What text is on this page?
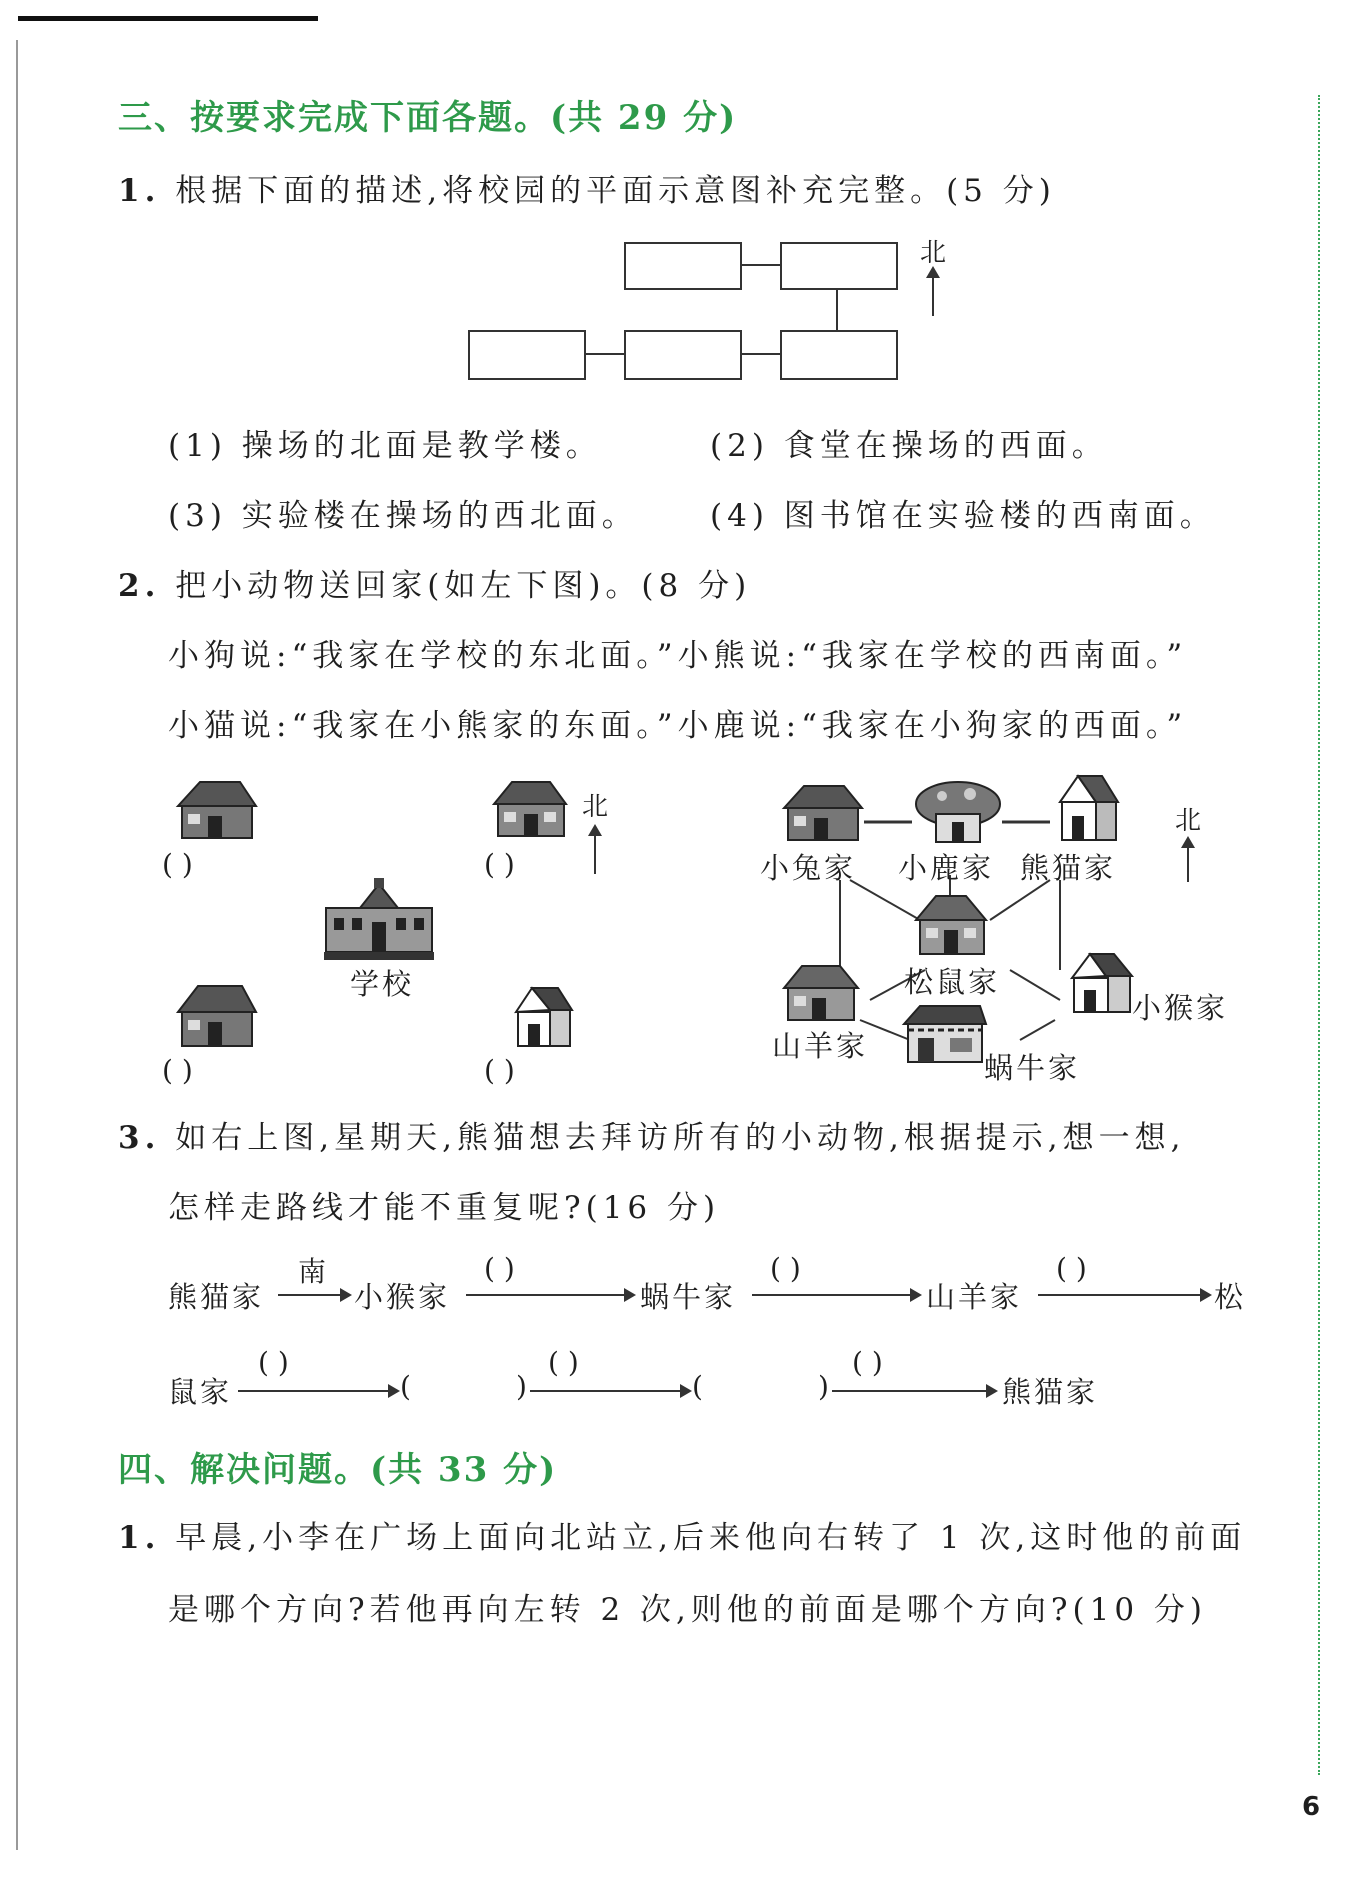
三、按要求完成下面各题。(共 29 分)
1. 根据下面的描述,将校园的平面示意图补充完整。(5 分)
北
(1) 操场的北面是教学楼。	(2) 食堂在操场的西面。
(3) 实验楼在操场的西北面。 (4) 图书馆在实验楼的西南面。
2. 把小动物送回家(如左下图)。(8 分)
小狗说:“我家在学校的东北面。”小熊说:“我家在学校的西南面。”
小猫说:“我家在小熊家的东面。”小鹿说:“我家在小狗家的西面。”
( )	( )
北
学校
( )	( )
小兔家 小鹿家 熊猫家
北
松鼠家
山羊家
小猴家
蜗牛家
3. 如右上图,星期天,熊猫想去拜访所有的小动物,根据提示,想一想,
怎样走路线才能不重复呢?(16 分)
熊猫家
南
小猴家
( )
蜗牛家
( )
山羊家
( )
松
鼠家
( )
(	)
( )
(	)
( )
熊猫家
四、解决问题。(共 33 分)
1. 早晨,小李在广场上面向北站立,后来他向右转了 1 次,这时他的前面
是哪个方向?若他再向左转 2 次,则他的前面是哪个方向?(10 分)
6
